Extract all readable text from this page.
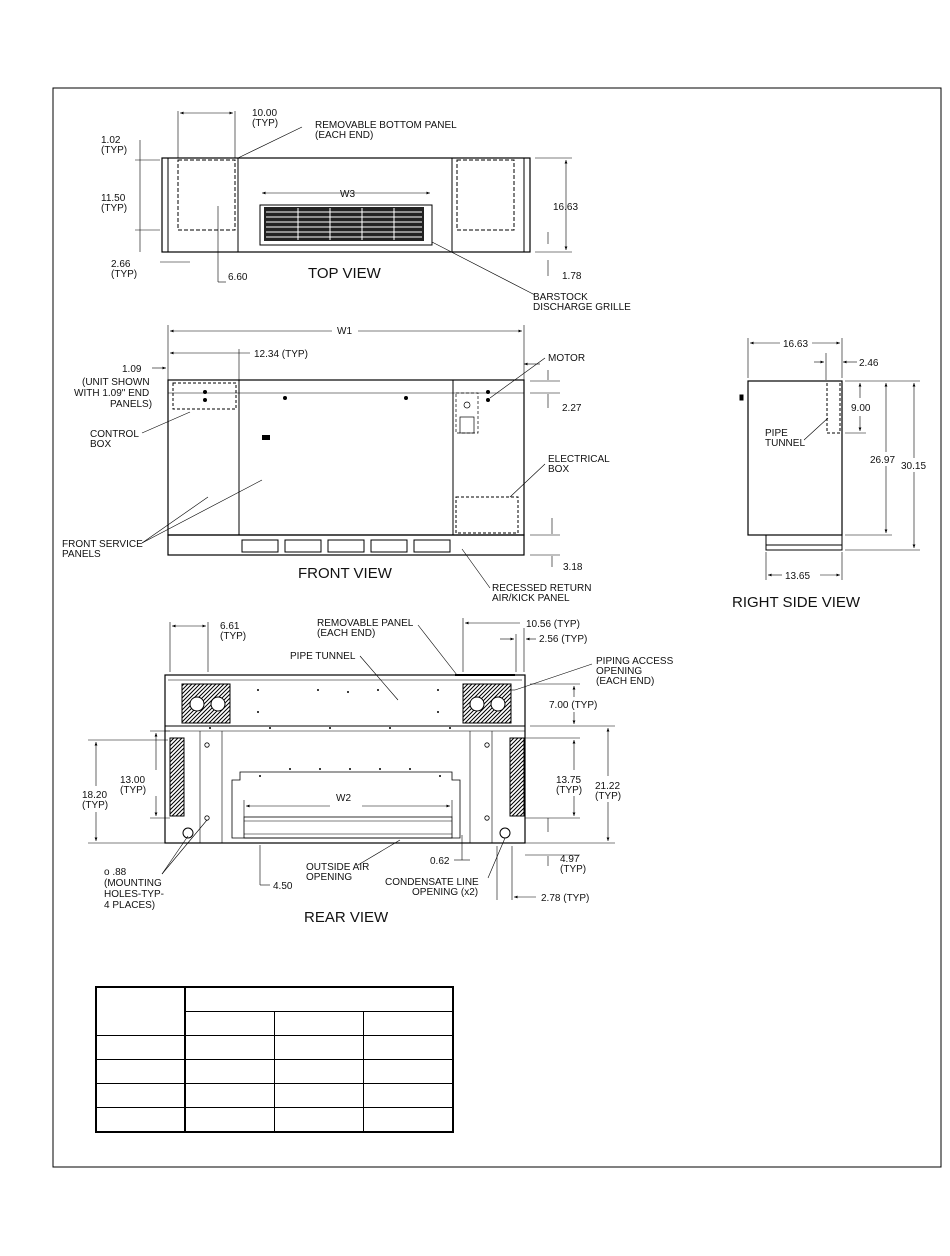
10.00
(TYP)	REMOVABLE BOTTOM PANEL
(EACH END)
1.02
(TYP)
11.50
(TYP)
W3
16.63
2.66
(TYP)	6.60	TOP VIEW	1.78
BARSTOCK
DISCHARGE GRILLE
W1
12.34 (TYP)
1.09
MOTOR
(UNIT SHOWN
WITH 1.09" END
PANELS)	2.27
CONTROL
BOX
ELECTRICAL
BOX
FRONT SERVICE
PANELS
3.18
FRONT VIEW
RECESSED RETURN
AIR/KICK PANEL
16.63
2.46
9.00
PIPE
TUNNEL
26.97
30.15
13.65
RIGHT SIDE VIEW
6.61
(TYP)
REMOVABLE PANEL
(EACH END)
10.56 (TYP)
2.56 (TYP)
PIPE TUNNEL	PIPING ACCESS
OPENING
(EACH END)
7.00 (TYP)
13.00
(TYP)
13.75
(TYP) 21.22
(TYP)
18.20
(TYP)
W2
0.62	4.97
(TYP)
OUTSIDE AIR
OPENING	CONDENSATE LINE
OPENING (x2)
ο .88
(MOUNTING
HOLES-TYP-
4 PLACES)
4.50
2.78 (TYP)
REAR VIEW
